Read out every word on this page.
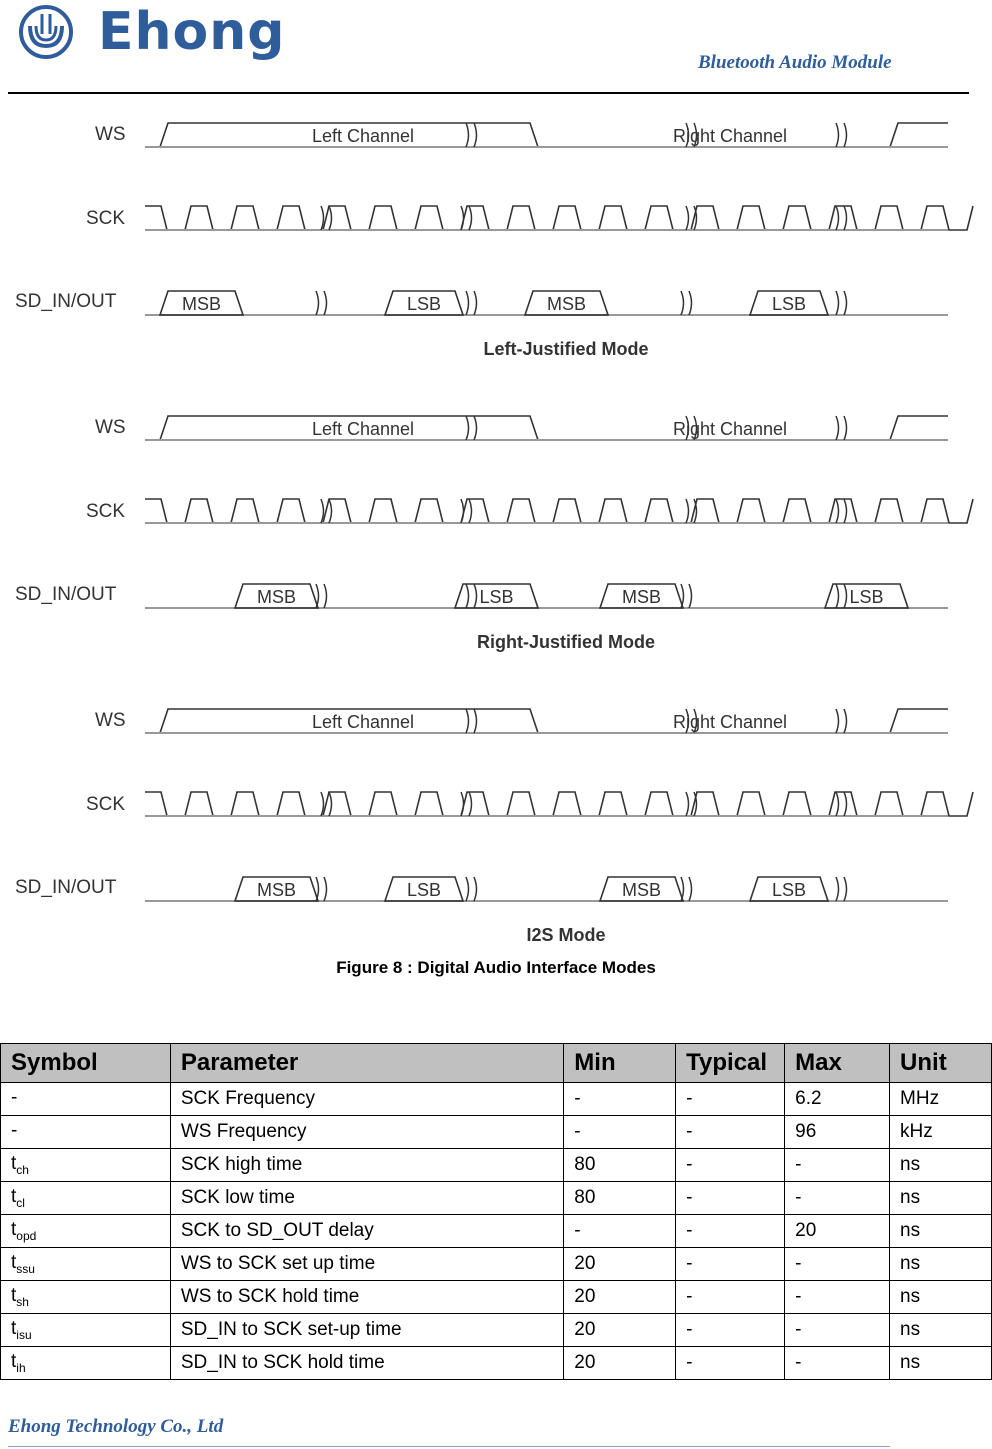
Ehong
Bluetooth Audio Module
WS
SCK
SD_IN/OUT
Left Channel	Right Channel
MSB	LSB	MSB	LSB
Left-Justified Mode
WS
SCK
SD_IN/OUT
Left Channel	Right Channel
MSB	LSB	MSB	LSB
Right-Justified Mode
WS
SCK
SD_IN/OUT
Left Channel	Right Channel
MSB	LSB	MSB	LSB
I2S Mode
Figure 8 : Digital Audio Interface Modes
Symbol	Parameter	Min	Typical	Max	Unit
-	SCK Frequency	-	-	6.2	MHz
-	WS Frequency	-	-	96	kHz
$t_{ch}$	SCK high time	80	-	-	ns
$t_{cl}$	SCK low time	80	-	-	ns
$t_{opd}$	SCK to SD_OUT delay	-	-	20	ns
$t_{ssu}$	WS to SCK set up time	20	-	-	ns
$t_{sh}$	WS to SCK hold time	20	-	-	ns
$t_{isu}$	SD_IN to SCK set-up time	20	-	-	ns
$t_{ih}$	SD_IN to SCK hold time	20	-	-	ns
Ehong Technology Co., Ltd
